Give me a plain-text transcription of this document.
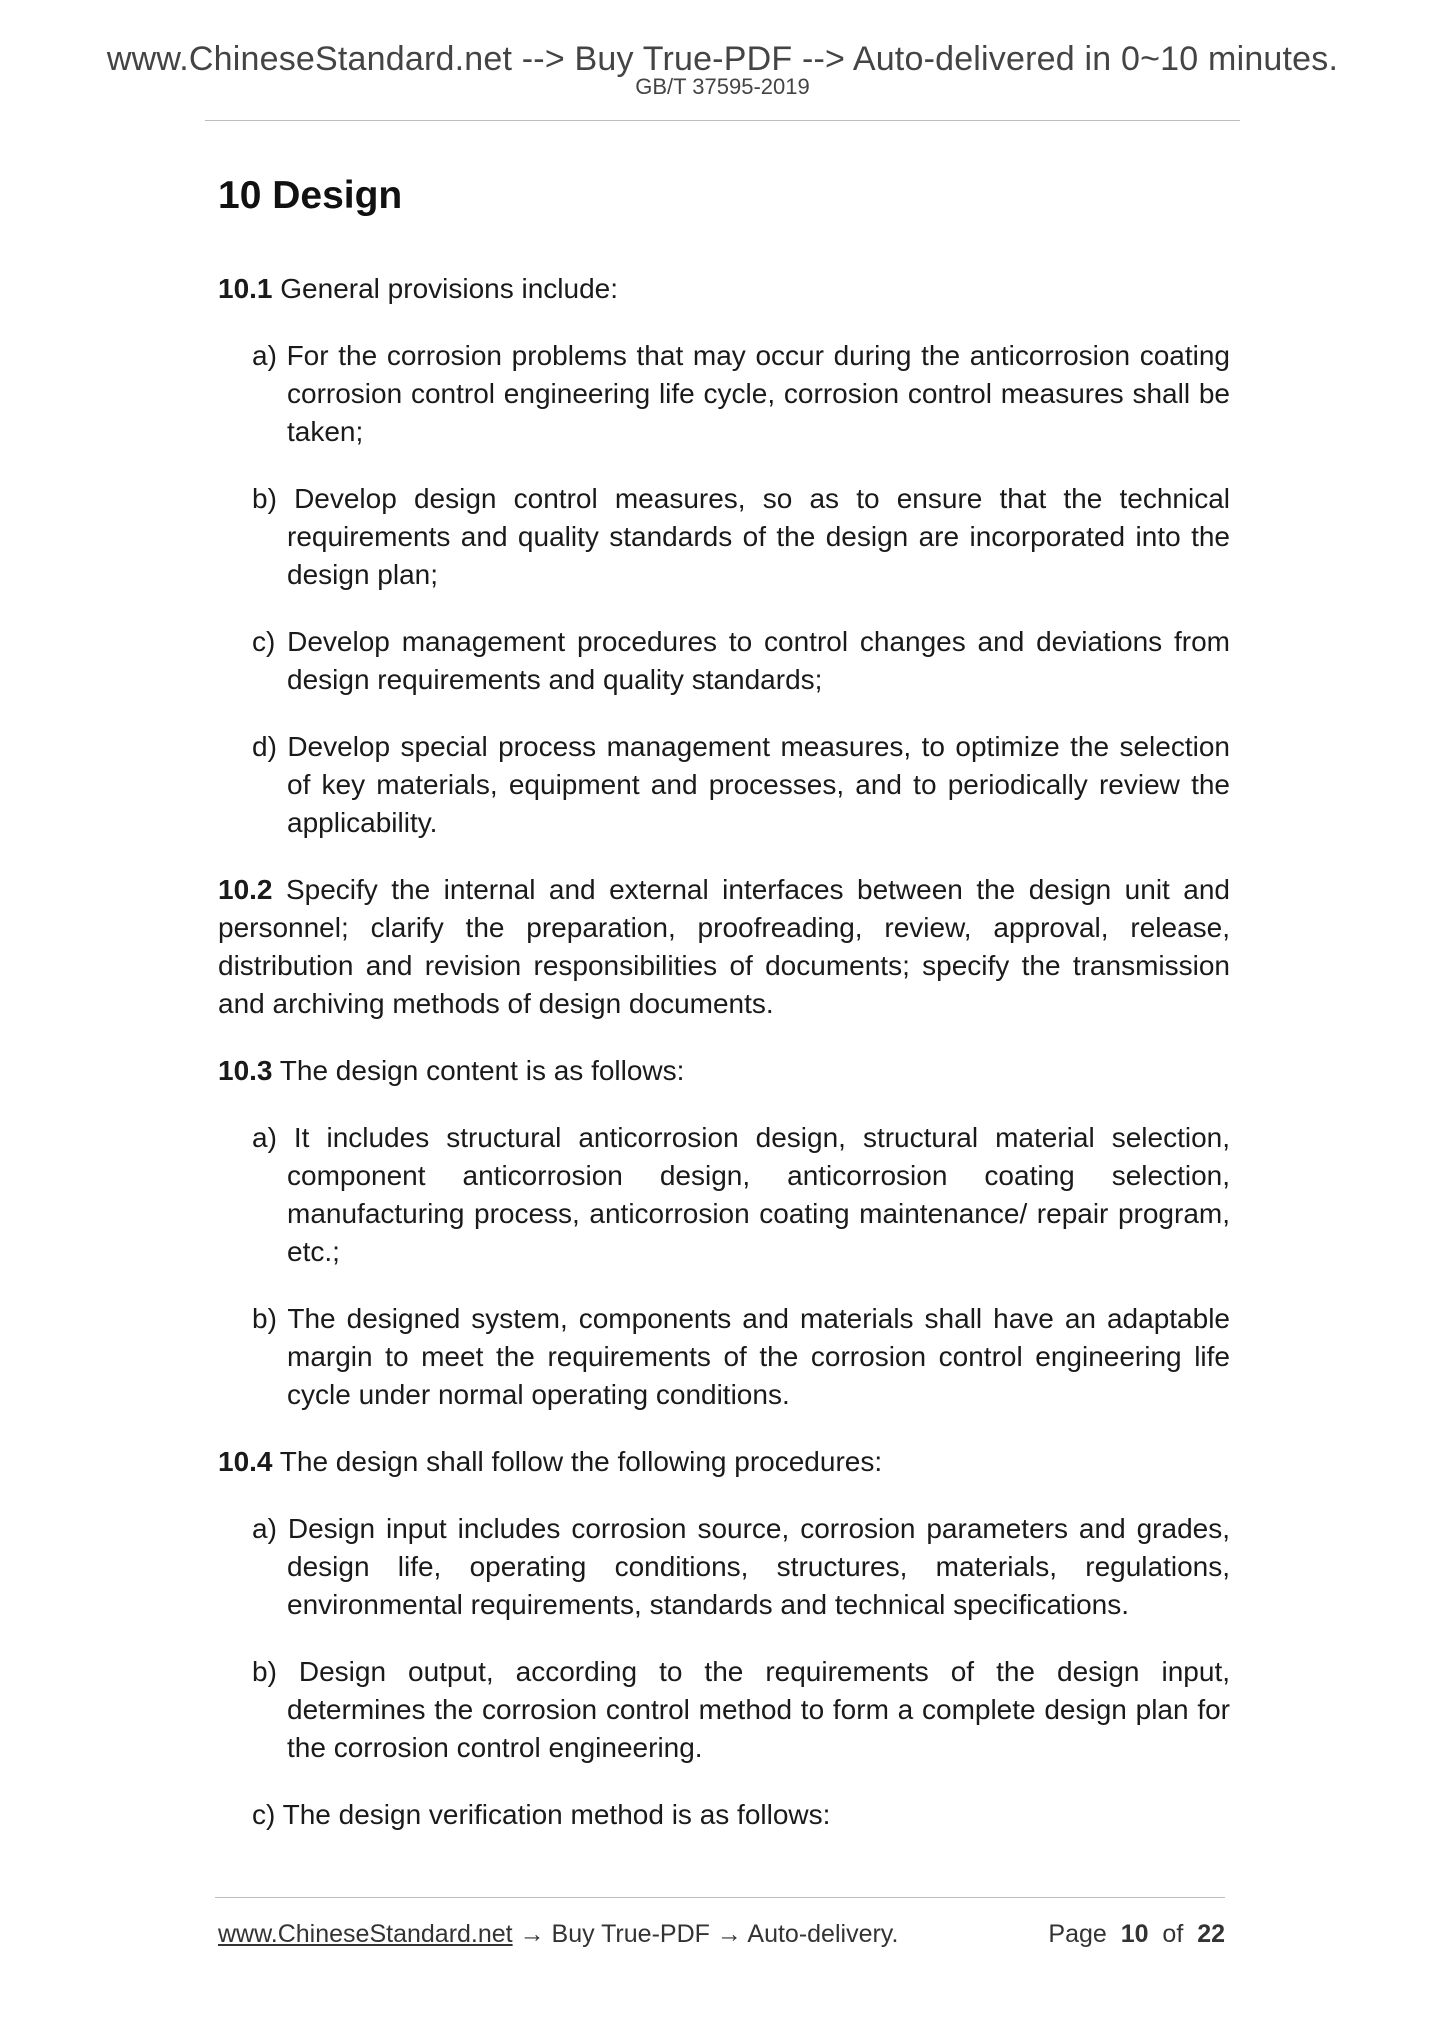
www.ChineseStandard.net --> Buy True-PDF --> Auto-delivered in 0~10 minutes.
GB/T 37595-2019
10 Design

10.1 General provisions include:

a) For the corrosion problems that may occur during the anticorrosion coating corrosion control engineering life cycle, corrosion control measures shall be taken;
b) Develop design control measures, so as to ensure that the technical requirements and quality standards of the design are incorporated into the design plan;
c) Develop management procedures to control changes and deviations from design requirements and quality standards;
d) Develop special process management measures, to optimize the selection of key materials, equipment and processes, and to periodically review the applicability.

10.2 Specify the internal and external interfaces between the design unit and personnel; clarify the preparation, proofreading, review, approval, release, distribution and revision responsibilities of documents; specify the transmission and archiving methods of design documents.

10.3 The design content is as follows:

a) It includes structural anticorrosion design, structural material selection, component anticorrosion design, anticorrosion coating selection, manufacturing process, anticorrosion coating maintenance/ repair program, etc.;
b) The designed system, components and materials shall have an adaptable margin to meet the requirements of the corrosion control engineering life cycle under normal operating conditions.

10.4 The design shall follow the following procedures:

a) Design input includes corrosion source, corrosion parameters and grades, design life, operating conditions, structures, materials, regulations, environmental requirements, standards and technical specifications.
b) Design output, according to the requirements of the design input, determines the corrosion control method to form a complete design plan for the corrosion control engineering.
c) The design verification method is as follows:
www.ChineseStandard.net → Buy True-PDF → Auto-delivery.	Page 10 of 22
